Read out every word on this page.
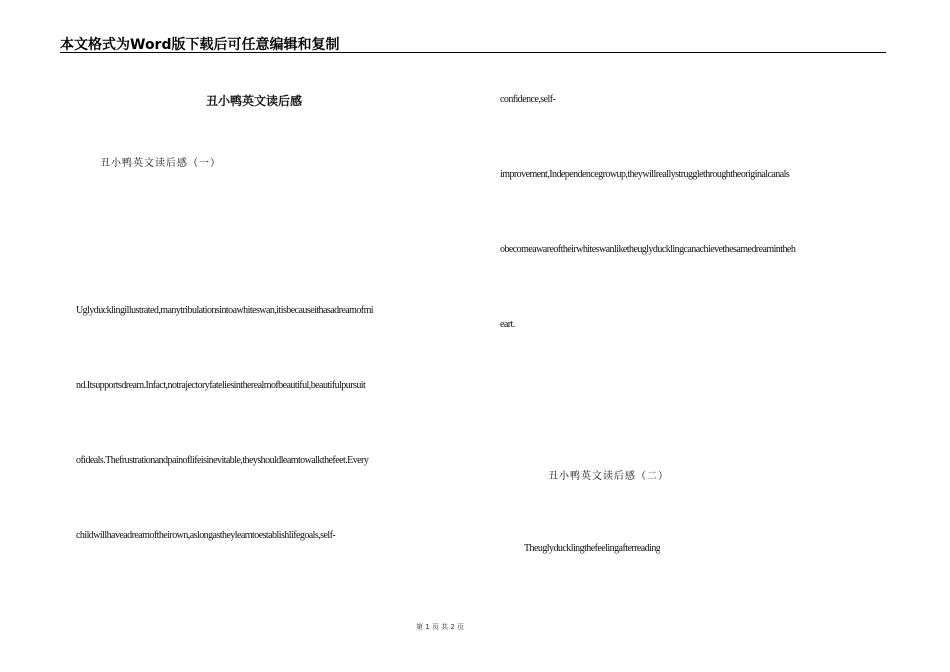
本文格式为Word版下载后可任意编辑和复制
丑小鸭英文读后感
丑小鸭英文读后感（一）
Uglyducklingillustrated,manytribulationsintoawhiteswan,itisbecauseithasadreamofmi
nd.Itsupportsdream.Infact,notrajectoryfateliesintherealmofbeautiful,beautifulpursuit
ofideals.Thefrustrationandpainoflifeisinevitable,theyshouldlearntowalkthefeet.Every
childwillhaveadreamoftheirown,aslongastheylearntoestablishlifegoals,self-
confidence,self-
improvement,Independencegrowup,theywillreallystrugglethroughtheoriginalcanals
obecomeawareoftheirwhiteswanliketheuglyducklingcanachievethesamedreamintheh
eart.
丑小鸭英文读后感（二）
Theuglyducklingthefeelingafterreading
第 1 页 共 2 页
